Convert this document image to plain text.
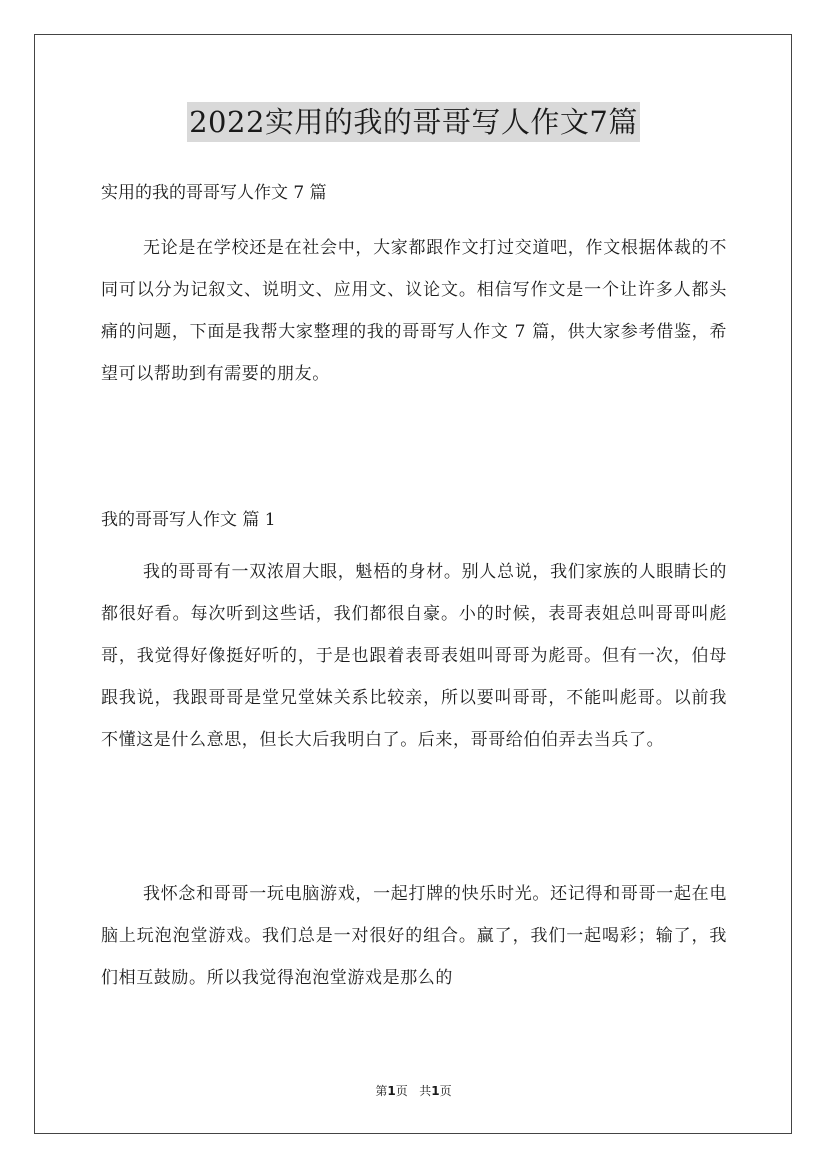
2022实用的我的哥哥写人作文7篇
实用的我的哥哥写人作文 7 篇

无论是在学校还是在社会中，大家都跟作文打过交道吧，作文根据体裁的不同可以分为记叙文、说明文、应用文、议论文。相信写作文是一个让许多人都头痛的问题，下面是我帮大家整理的我的哥哥写人作文 7 篇，供大家参考借鉴，希望可以帮助到有需要的朋友。

我的哥哥写人作文 篇 1

我的哥哥有一双浓眉大眼，魁梧的身材。别人总说，我们家族的人眼睛长的都很好看。每次听到这些话，我们都很自豪。小的时候，表哥表姐总叫哥哥叫彪哥，我觉得好像挺好听的，于是也跟着表哥表姐叫哥哥为彪哥。但有一次，伯母跟我说，我跟哥哥是堂兄堂妹关系比较亲，所以要叫哥哥，不能叫彪哥。以前我不懂这是什么意思，但长大后我明白了。后来，哥哥给伯伯弄去当兵了。

我怀念和哥哥一玩电脑游戏，一起打牌的快乐时光。还记得和哥哥一起在电脑上玩泡泡堂游戏。我们总是一对很好的组合。赢了，我们一起喝彩；输了，我们相互鼓励。所以我觉得泡泡堂游戏是那么的

第1页 共1页
